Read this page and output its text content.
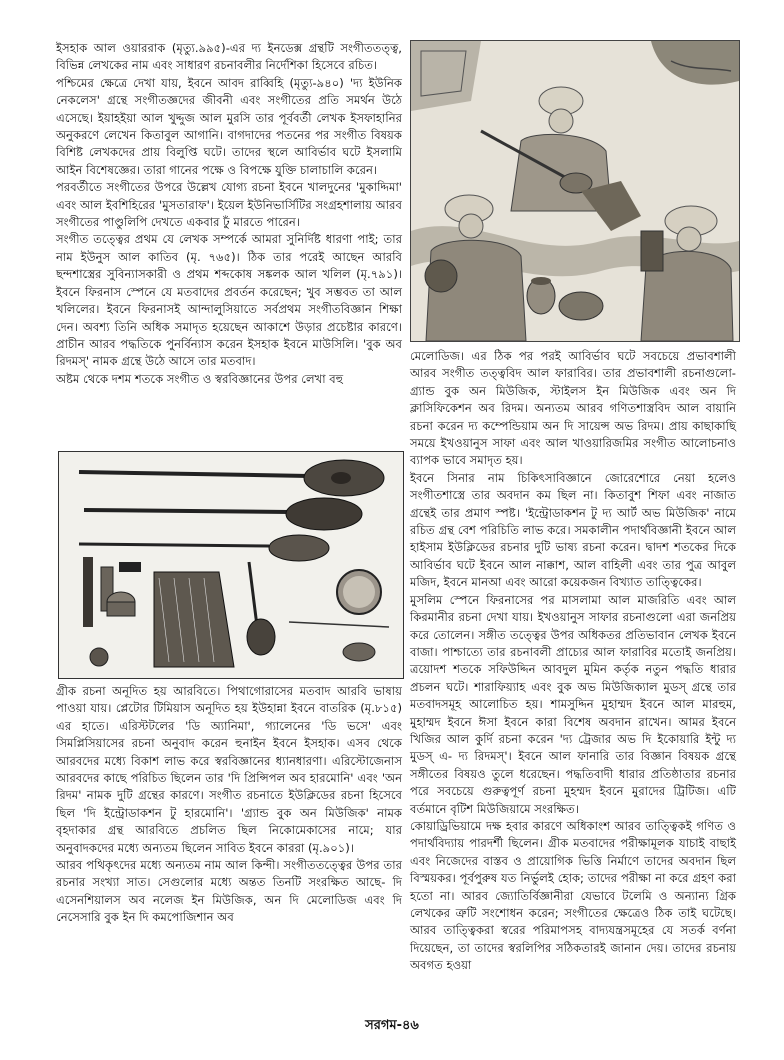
ইসহাক আল ওয়াররাক (মৃত্যু.৯৯৫)-এর দ্য ইনডেক্স গ্রন্থটি সংগীততত্ত্ব, বিভিন্ন লেখকের নাম এবং সাধারণ রচনাবলীর নির্দেশিকা হিসেবে রচিত।

পশ্চিমের ক্ষেত্রে দেখা যায়, ইবনে আবদ রাব্বিহি (মৃত্যু-৯৪০) 'দ্য ইউনিক নেকলেস' গ্রন্থে সংগীতজ্ঞদের জীবনী এবং সংগীতের প্রতি সমর্থন উঠে এসেছে। ইয়াহইয়া আল খুদ্দুজ আল মুরসি তার পূর্ববর্তী লেখক ইসফাহানির অনুকরণে লেখেন কিতাবুল আগানি। বাগদাদের পতনের পর সংগীত বিষয়ক বিশিষ্ট লেখকদের প্রায় বিলুপ্তি ঘটে। তাদের স্থলে আবির্ভাব ঘটে ইসলামি আইন বিশেষজ্ঞের। তারা গানের পক্ষে ও বিপক্ষে যুক্তি চালাচালি করেন।

পরবর্তীতে সংগীতের উপরে উল্লেখ যোগ্য রচনা ইবনে খালদুনের 'মুকাদ্দিমা' এবং আল ইবশিহিরের 'মুসতারাফ'। ইয়েল ইউনিভার্সিটির সংগ্রহশালায় আরব সংগীতের পাণ্ডুলিপি দেখতে একবার ঢুঁ মারতে পারেন।

সংগীত তত্ত্বের প্রথম যে লেখক সম্পর্কে আমরা সুনির্দিষ্ট ধারণা পাই; তার নাম ইউনুস আল কাতিব (মৃ. ৭৬৫)। ঠিক তার পরেই আছেন আরবি ছন্দশাস্ত্রের সুবিন্যাসকারী ও প্রথম শব্দকোষ সঙ্কলক আল খলিল (মৃ.৭৯১)। ইবনে ফিরনাস স্পেনে যে মতবাদের প্রবর্তন করেছেন; খুব সম্ভবত তা আল খলিলের। ইবনে ফিরনাসই আন্দালুসিয়াতে সর্বপ্রথম সংগীতবিজ্ঞান শিক্ষা দেন। অবশ্য তিনি অধিক সমাদৃত হয়েছেন আকাশে উড়ার প্রচেষ্টার কারণে। প্রাচীন আরব পদ্ধতিকে পুনর্বিন্যাস করেন ইসহাক ইবনে মাউসিলি। 'বুক অব রিদমস্' নামক গ্রন্থে উঠে আসে তার মতবাদ।

অষ্টম থেকে দশম শতকে সংগীত ও স্বরবিজ্ঞানের উপর লেখা বহু

গ্রীক রচনা অনূদিত হয় আরবিতে। পিথাগোরাসের মতবাদ আরবি ভাষায় পাওয়া যায়। প্লেটোর টিমিয়াস অনূদিত হয় ইউহান্না ইবনে বাতরিক (মৃ.৮১৫) এর হাতে। এরিস্টটলের 'ডি অ্যানিমা', গ্যালেনের 'ডি ভসে' এবং সিমপ্লিসিয়াসের রচনা অনুবাদ করেন হুনাইন ইবনে ইসহাক। এসব থেকে আরবদের মধ্যে বিকাশ লাভ করে স্বরবিজ্ঞানের ধ্যানধারণা। এরিস্টোজেনাস আরবদের কাছে পরিচিত ছিলেন তার 'দি প্রিন্সিপল অব হারমোনি' এবং 'অন রিদম' নামক দুটি গ্রন্থের কারণে। সংগীত রচনাতে ইউক্লিডের রচনা হিসেবে ছিল 'দি ইন্ট্রোডাকশন টু হারমোনি'। 'গ্র্যান্ড বুক অন মিউজিক' নামক বৃহদাকার গ্রন্থ আরবিতে প্রচলিত ছিল নিকোমেকাসের নামে; যার অনুবাদকদের মধ্যে অন্যতম ছিলেন সাবিত ইবনে কাররা (মৃ.৯০১)।

আরব পথিকৃৎদের মধ্যে অন্যতম নাম আল কিন্দী। সংগীততত্ত্বের উপর তার রচনার সংখ্যা সাত। সেগুলোর মধ্যে অন্তত তিনটি সংরক্ষিত আছে- দি এসেনশিয়ালস অব নলেজ ইন মিউজিক, অন দি মেলোডিজ এবং দি নেসেসারি বুক ইন দি কমপোজিশান অব

মেলোডিজ। এর ঠিক পর পরই আবির্ভাব ঘটে সবচেয়ে প্রভাবশালী আরব সংগীত তত্ত্ববিদ আল ফারাবির। তার প্রভাবশালী রচনাগুলো- গ্র্যান্ড বুক অন মিউজিক, স্টাইলস ইন মিউজিক এবং অন দি ক্লাসিফিকেশন অব রিদম। অন্যতম আরব গণিতশাস্ত্রবিদ আল বায়ানি রচনা করেন দ্য কম্পেন্ডিয়াম অন দি সায়েন্স অভ রিদম। প্রায় কাছাকাছি সময়ে ইখওয়ানুস সাফা এবং আল খাওয়ারিজমির সংগীত আলোচনাও ব্যাপক ভাবে সমাদৃত হয়।

ইবনে সিনার নাম চিকিৎসাবিজ্ঞানে জোরেশোরে নেয়া হলেও সংগীতশাস্ত্রে তার অবদান কম ছিল না। কিতাবুশ শিফা এবং নাজাত গ্রন্থেই তার প্রমাণ স্পষ্ট। 'ইন্ট্রোডাকশন টু দ্য আর্ট অভ মিউজিক' নামে রচিত গ্রন্থ বেশ পরিচিতি লাভ করে। সমকালীন পদার্থবিজ্ঞানী ইবনে আল হাইসাম ইউক্লিডের রচনার দুটি ভাষ্য রচনা করেন। দ্বাদশ শতকের দিকে আবির্ভাব ঘটে ইবনে আল নাক্কাশ, আল বাহিলী এবং তার পুত্র আবুল মজিদ, ইবনে মানআ এবং আরো কয়েকজন বিখ্যাত তাত্ত্বিকের।

মুসলিম স্পেনে ফিরনাসের পর মাসলামা আল মাজরিতি এবং আল কিরমানীর রচনা দেখা যায়। ইখওয়ানুস সাফার রচনাগুলো এরা জনপ্রিয় করে তোলেন। সঙ্গীত তত্ত্বের উপর অধিকতর প্রতিভাবান লেখক ইবনে বাজা। পাশ্চাত্যে তার রচনাবলী প্রাচ্যের আল ফারাবির মতোই জনপ্রিয়। ত্রয়োদশ শতকে সফিউদ্দিন আবদুল মুমিন কর্তৃক নতুন পদ্ধতি ধারার প্রচলন ঘটে। শারাফিয়্যাহ এবং বুক অভ মিউজিক্যাল মুডস্ গ্রন্থে তার মতবাদসমূহ আলোচিত হয়। শামসুদ্দিন মুহাম্মদ ইবনে আল মারহুম, মুহাম্মদ ইবনে ঈসা ইবনে কারা বিশেষ অবদান রাখেন। আমর ইবনে খিজির আল কুর্দি রচনা করেন 'দ্য ট্রেজার অভ দি ইকোয়ারি ইন্টু দ্য মুডস্ এ- দ্য রিদমস্'। ইবনে আল ফানারি তার বিজ্ঞান বিষয়ক গ্রন্থে সঙ্গীতের বিষয়ও তুলে ধরেছেন। পদ্ধতিবাদী ধারার প্রতিষ্ঠাতার রচনার পরে সবচেয়ে গুরুত্বপূর্ণ রচনা মুহম্মদ ইবনে মুরাদের ট্রিটিজ। এটি বর্তমানে বৃটিশ মিউজিয়ামে সংরক্ষিত।

কোয়াড্রিভিয়ামে দক্ষ হবার কারণে অধিকাংশ আরব তাত্ত্বিকই গণিত ও পদার্থবিদ্যায় পারদর্শী ছিলেন। গ্রীক মতবাদের পরীক্ষামূলক যাচাই বাছাই এবং নিজেদের বাস্তব ও প্রায়োগিক ভিত্তি নির্মাণে তাদের অবদান ছিল বিস্ময়কর। পূর্বপুরুষ যত নির্ভুলই হোক; তাদের পরীক্ষা না করে গ্রহণ করা হতো না। আরব জ্যোতির্বিজ্ঞানীরা যেভাবে টলেমি ও অন্যান্য গ্রিক লেখকের ত্রুটি সংশোধন করেন; সংগীতের ক্ষেত্রেও ঠিক তাই ঘটেছে। আরব তাত্ত্বিকরা স্বরের পরিমাপসহ বাদ্যযন্ত্রসমূহের যে সতর্ক বর্ণনা দিয়েছেন, তা তাদের স্বরলিপির সঠিকতারই জানান দেয়। তাদের রচনায় অবগত হওয়া

সরগম-৪৬
